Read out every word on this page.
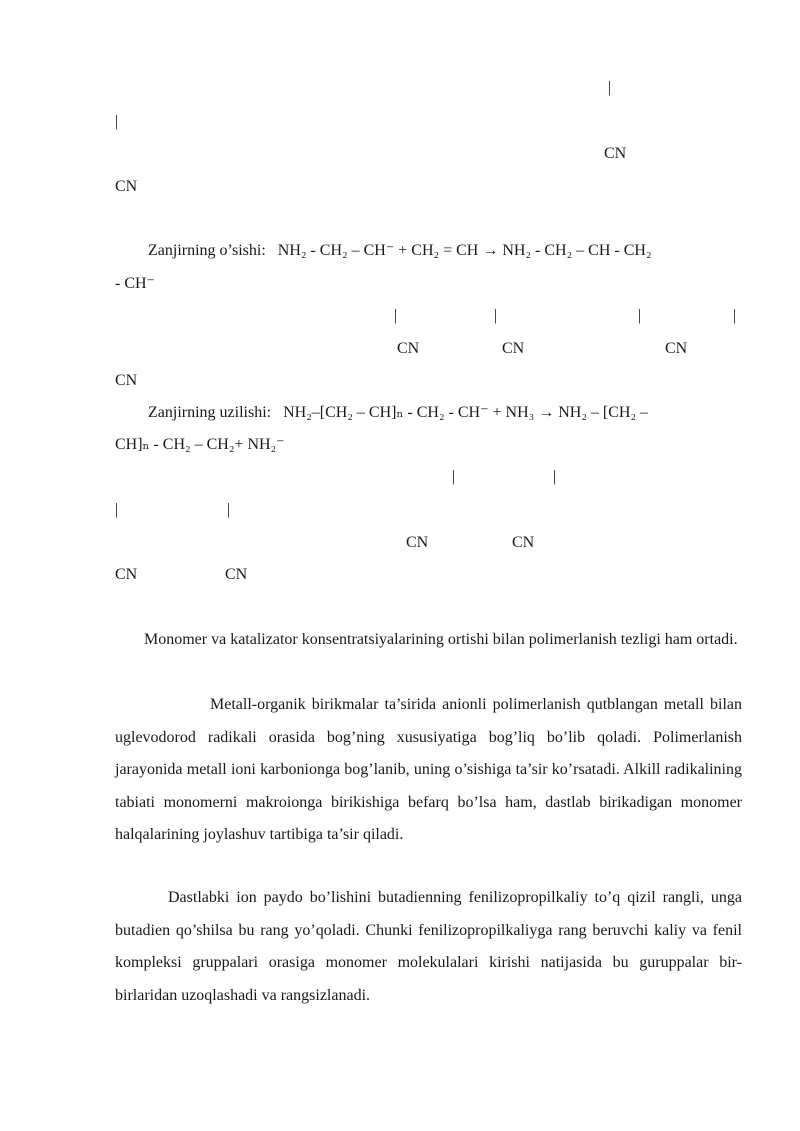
|
|
CN
CN
Zanjirning o’sishi: NH₂ - CH₂ – CH⁻ + CH₂ = CH → NH₂ - CH₂ – CH - CH₂
- CH⁻
|	|	|	|
CN	CN	CN
CN
Zanjirning uzilishi: NH₂–[CH₂ – CH]ₙ - CH₂ - CH⁻ + NH₃ → NH₂ – [CH₂ –
CH]ₙ - CH₂ – CH₂+ NH₂⁻
|	|
|	|
CN	CN
CN	CN

Monomer va katalizator konsentratsiyalarining ortishi bilan polimerlanish tezligi ham ortadi.

Metall-organik birikmalar ta’sirida anionli polimerlanish qutblangan metall bilan uglevodorod radikali orasida bog’ning xususiyatiga bog’liq bo’lib qoladi. Polimerlanish jarayonida metall ioni karbonionga bog’lanib, uning o’sishiga ta’sir ko’rsatadi. Alkill radikalining tabiati monomerni makroionga birikishiga befarq bo’lsa ham, dastlab birikadigan monomer halqalarining joylashuv tartibiga ta’sir qiladi.

Dastlabki ion paydo bo’lishini butadienning fenilizopropilkaliy to’q qizil rangli, unga butadien qo’shilsa bu rang yo’qoladi. Chunki fenilizopropilkaliyga rang beruvchi kaliy va fenil kompleksi gruppalari orasiga monomer molekulalari kirishi natijasida bu guruppalar bir-birlaridan uzoqlashadi va rangsizlanadi.
